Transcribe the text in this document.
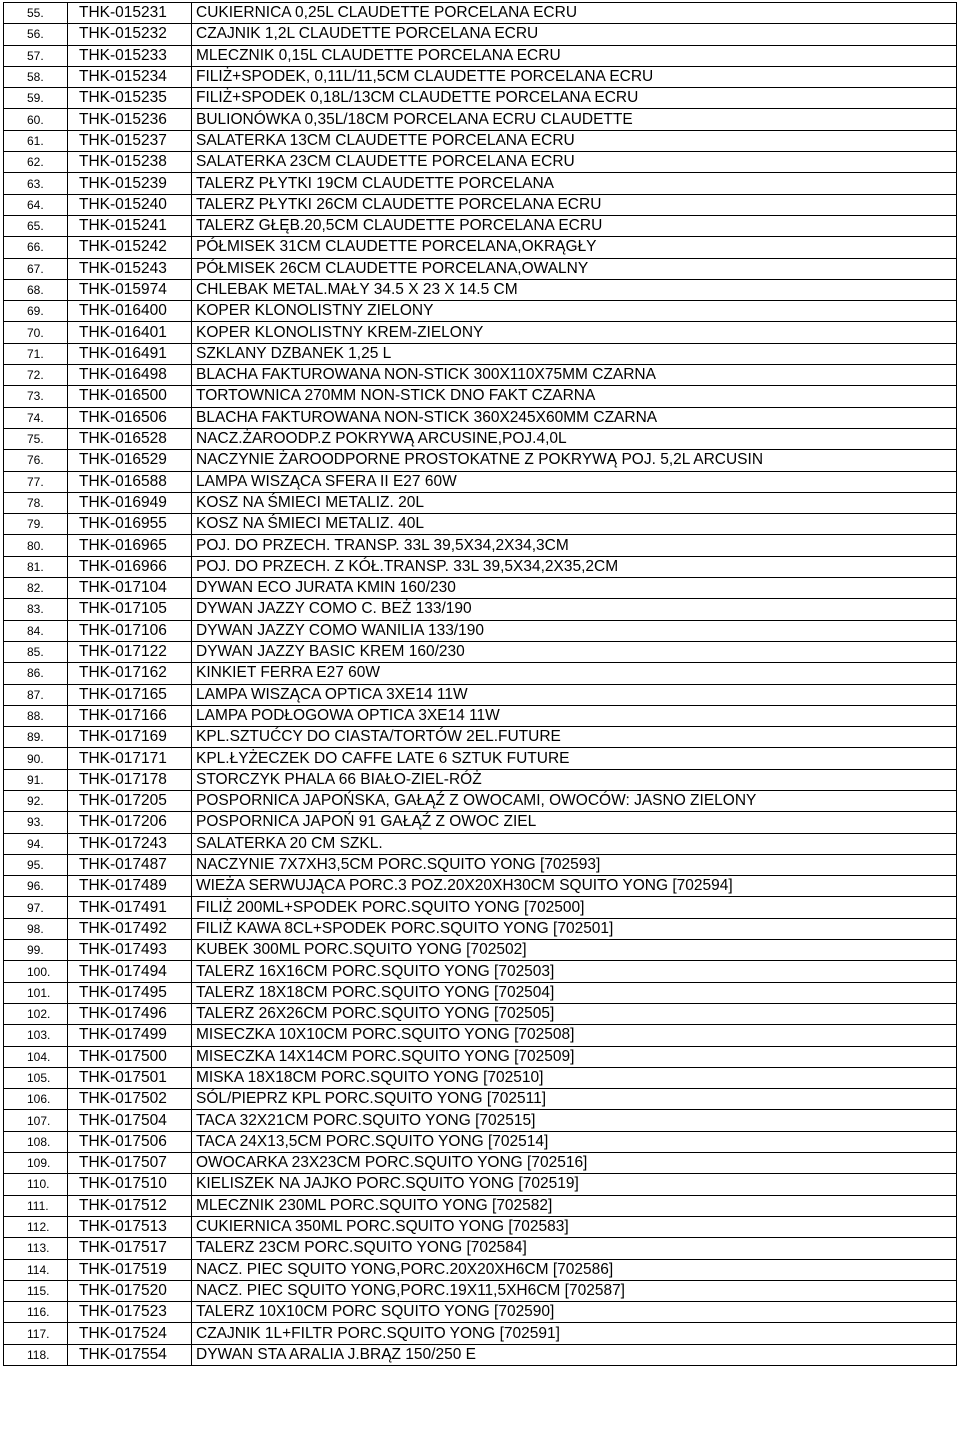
55.	THK-015231	CUKIERNICA 0,25L CLAUDETTE PORCELANA ECRU
56.	THK-015232	CZAJNIK 1,2L CLAUDETTE PORCELANA ECRU
57.	THK-015233	MLECZNIK 0,15L CLAUDETTE PORCELANA ECRU
58.	THK-015234	FILIŻ+SPODEK, 0,11L/11,5CM CLAUDETTE PORCELANA ECRU
59.	THK-015235	FILIŻ+SPODEK 0,18L/13CM CLAUDETTE PORCELANA ECRU
60.	THK-015236	BULIONÓWKA 0,35L/18CM PORCELANA ECRU CLAUDETTE
61.	THK-015237	SALATERKA 13CM CLAUDETTE PORCELANA ECRU
62.	THK-015238	SALATERKA 23CM CLAUDETTE PORCELANA ECRU
63.	THK-015239	TALERZ PŁYTKI 19CM CLAUDETTE PORCELANA
64.	THK-015240	TALERZ PŁYTKI 26CM CLAUDETTE PORCELANA ECRU
65.	THK-015241	TALERZ GŁĘB.20,5CM CLAUDETTE PORCELANA ECRU
66.	THK-015242	PÓŁMISEK 31CM CLAUDETTE PORCELANA,OKRĄGŁY
67.	THK-015243	PÓŁMISEK 26CM CLAUDETTE PORCELANA,OWALNY
68.	THK-015974	CHLEBAK METAL.MAŁY 34.5 X 23 X 14.5 CM
69.	THK-016400	KOPER KLONOLISTNY ZIELONY
70.	THK-016401	KOPER KLONOLISTNY KREM-ZIELONY
71.	THK-016491	SZKLANY DZBANEK 1,25 L
72.	THK-016498	BLACHA FAKTUROWANA NON-STICK 300X110X75MM CZARNA
73.	THK-016500	TORTOWNICA 270MM NON-STICK DNO FAKT CZARNA
74.	THK-016506	BLACHA FAKTUROWANA NON-STICK 360X245X60MM CZARNA
75.	THK-016528	NACZ.ŻAROODP.Z POKRYWĄ ARCUSINE,POJ.4,0L
76.	THK-016529	NACZYNIE ŻAROODPORNE PROSTOKATNE Z POKRYWĄ POJ. 5,2L ARCUSIN
77.	THK-016588	LAMPA WISZĄCA SFERA II E27 60W
78.	THK-016949	KOSZ NA ŚMIECI METALIZ. 20L
79.	THK-016955	KOSZ NA ŚMIECI METALIZ. 40L
80.	THK-016965	POJ. DO PRZECH. TRANSP. 33L 39,5X34,2X34,3CM
81.	THK-016966	POJ. DO PRZECH. Z KÓŁ.TRANSP. 33L 39,5X34,2X35,2CM
82.	THK-017104	DYWAN ECO JURATA KMIN 160/230
83.	THK-017105	DYWAN JAZZY COMO C. BEŻ 133/190
84.	THK-017106	DYWAN JAZZY COMO WANILIA 133/190
85.	THK-017122	DYWAN JAZZY BASIC KREM 160/230
86.	THK-017162	KINKIET FERRA E27 60W
87.	THK-017165	LAMPA WISZĄCA OPTICA 3XE14 11W
88.	THK-017166	LAMPA PODŁOGOWA OPTICA 3XE14 11W
89.	THK-017169	KPL.SZTUĆCY DO CIASTA/TORTÓW 2EL.FUTURE
90.	THK-017171	KPL.ŁYŻECZEK DO CAFFE LATE 6 SZTUK FUTURE
91.	THK-017178	STORCZYK PHALA 66 BIAŁO-ZIEL-RÓŻ
92.	THK-017205	POSPORNICA JAPOŃSKA, GAŁĄŹ Z OWOCAMI, OWOCÓW: JASNO ZIELONY
93.	THK-017206	POSPORNICA JAPOŃ 91 GAŁĄŹ Z OWOC ZIEL
94.	THK-017243	SALATERKA 20 CM SZKL.
95.	THK-017487	NACZYNIE 7X7XH3,5CM PORC.SQUITO YONG [702593]
96.	THK-017489	WIEŻA SERWUJĄCA PORC.3 POZ.20X20XH30CM SQUITO YONG [702594]
97.	THK-017491	FILIŻ 200ML+SPODEK PORC.SQUITO YONG [702500]
98.	THK-017492	FILIŻ KAWA 8CL+SPODEK PORC.SQUITO YONG [702501]
99.	THK-017493	KUBEK 300ML PORC.SQUITO YONG [702502]
100.	THK-017494	TALERZ 16X16CM PORC.SQUITO YONG [702503]
101.	THK-017495	TALERZ 18X18CM PORC.SQUITO YONG [702504]
102.	THK-017496	TALERZ 26X26CM PORC.SQUITO YONG [702505]
103.	THK-017499	MISECZKA 10X10CM PORC.SQUITO YONG [702508]
104.	THK-017500	MISECZKA 14X14CM PORC.SQUITO YONG [702509]
105.	THK-017501	MISKA 18X18CM PORC.SQUITO YONG [702510]
106.	THK-017502	SÓL/PIEPRZ KPL PORC.SQUITO YONG [702511]
107.	THK-017504	TACA 32X21CM PORC.SQUITO YONG [702515]
108.	THK-017506	TACA 24X13,5CM PORC.SQUITO YONG [702514]
109.	THK-017507	OWOCARKA 23X23CM PORC.SQUITO YONG [702516]
110.	THK-017510	KIELISZEK NA JAJKO PORC.SQUITO YONG [702519]
111.	THK-017512	MLECZNIK 230ML PORC.SQUITO YONG [702582]
112.	THK-017513	CUKIERNICA 350ML PORC.SQUITO YONG [702583]
113.	THK-017517	TALERZ 23CM PORC.SQUITO YONG [702584]
114.	THK-017519	NACZ. PIEC SQUITO YONG,PORC.20X20XH6CM [702586]
115.	THK-017520	NACZ. PIEC SQUITO YONG,PORC.19X11,5XH6CM [702587]
116.	THK-017523	TALERZ 10X10CM PORC SQUITO YONG [702590]
117.	THK-017524	CZAJNIK 1L+FILTR PORC.SQUITO YONG [702591]
118.	THK-017554	DYWAN STA ARALIA J.BRĄZ 150/250 E
